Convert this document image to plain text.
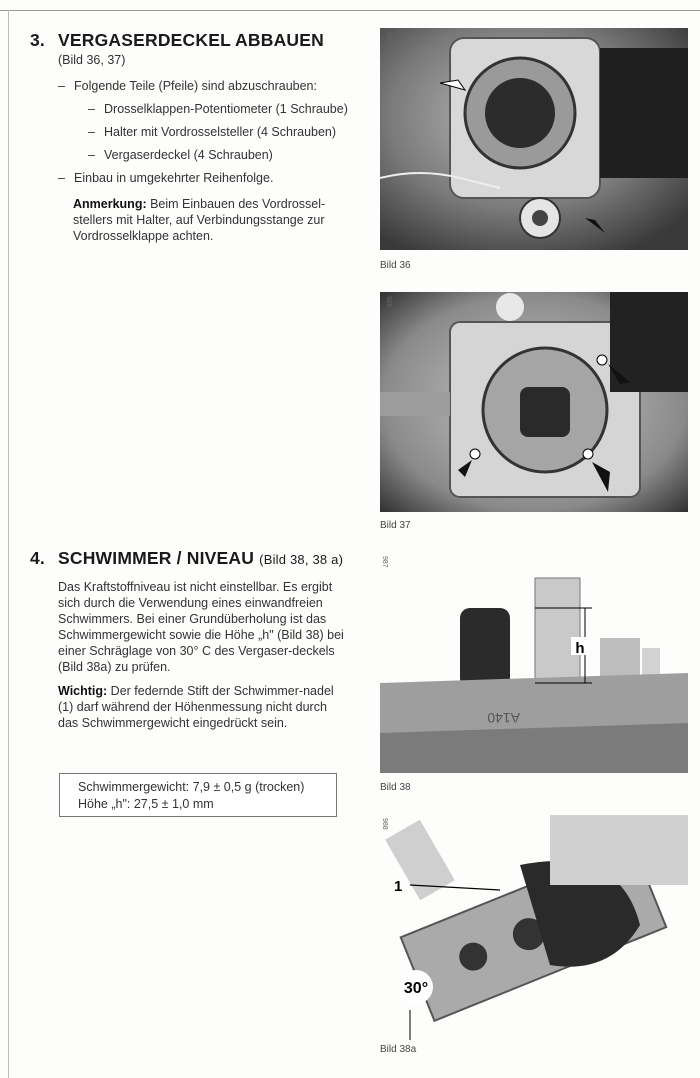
3. VERGASERDECKEL ABBAUEN
(Bild 36, 37)
– Folgende Teile (Pfeile) sind abzuschrauben:
– Drosselklappen-Potentiometer (1 Schraube)
– Halter mit Vordrosselsteller (4 Schrauben)
– Vergaserdeckel (4 Schrauben)
– Einbau in umgekehrter Reihenfolge.
Anmerkung: Beim Einbauen des Vordrossel-stellers mit Halter, auf Verbindungsstange zur Vordrosselklappe achten.
4. SCHWIMMER / NIVEAU (Bild 38, 38 a)
Das Kraftstoffniveau ist nicht einstellbar. Es ergibt sich durch die Verwendung eines einwandfreien Schwimmers. Bei einer Grundüberholung ist das Schwimmergewicht sowie die Höhe „h" (Bild 38) bei einer Schräglage von 30° C des Vergaser-deckels (Bild 38a) zu prüfen.
Wichtig: Der federnde Stift der Schwimmer-nadel (1) darf während der Höhenmessung nicht durch das Schwimmergewicht eingedrückt sein.
Schwimmergewicht: 7,9 ± 0,5 g (trocken)
Höhe „h": 27,5 ± 1,0 mm
985
Bild 36
986
Bild 37
h
A140
987
Bild 38
1
30°
988
Bild 38a
